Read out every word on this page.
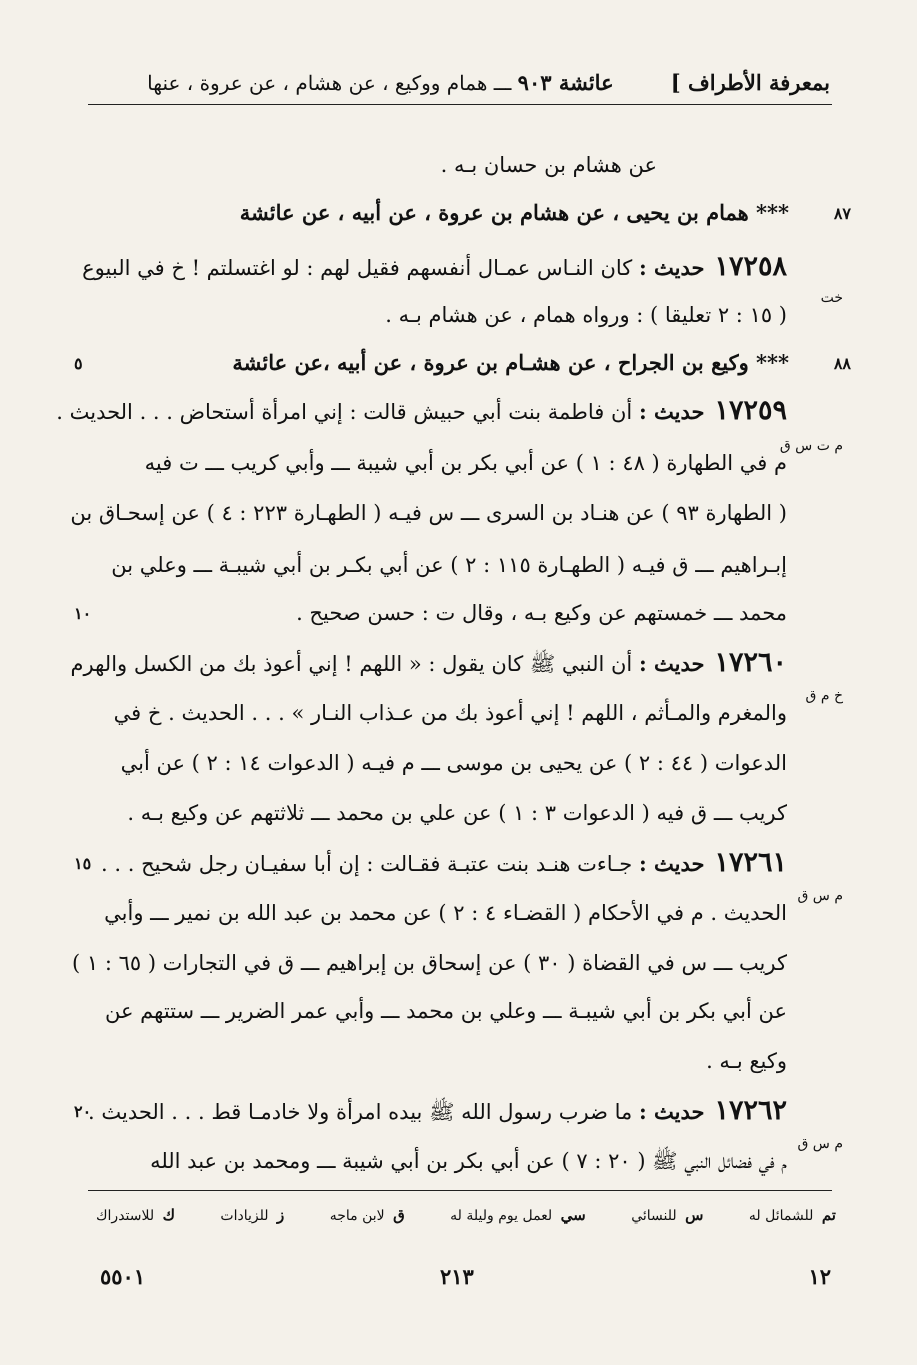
بمعرفة الأطراف ]
عائشة ٩٠٣ ـــ همام ووكيع ، عن هشام ، عن عروة ، عنها
عن هشام بن حسان بـه .
*** همام بن يحيى ، عن هشام بن عروة ، عن أبيه ، عن عائشة	٨٧
١٧٢٥٨حديث : كان النـاس عمـال أنفسهم فقيل لهم : لو اغتسلتم ! خ في البيوع
( ١٥ : ٢ تعليقا ) : ورواه همام ، عن هشام بـه .
خت
*** وكيع بن الجراح ، عن هشـام بن عروة ، عن أبيه ،عن عائشة	٨٨
٥
١٧٢٥٩حديث : أن فاطمة بنت أبي حبيش قالت : إني امرأة أستحاض . . . الحديث .
م في الطهارة ( ٤٨ : ١ ) عن أبي بكر بن أبي شيبة ـــ وأبي كريب ـــ ت فيه
م ت س ق
( الطهارة ٩٣ ) عن هنـاد بن السرى ـــ س فيـه ( الطهـارة ٢٢٣ : ٤ ) عن إسحـاق بن
إبـراهيم ـــ ق فيـه ( الطهـارة ١١٥ : ٢ ) عن أبي بكـر بن أبي شيبـة ـــ وعلي بن
محمد ـــ خمستهم عن وكيع بـه ، وقال ت : حسن صحيح .
١٠
١٧٢٦٠حديث : أن النبي ﷺ كان يقول : « اللهم ! إني أعوذ بك من الكسل والهرم
والمغرم والمـأثم ، اللهم ! إني أعوذ بك من عـذاب النـار » . . . الحديث . خ في
خ م ق
الدعوات ( ٤٤ : ٢ ) عن يحيى بن موسى ـــ م فيـه ( الدعوات ١٤ : ٢ ) عن أبي
كريب ـــ ق فيه ( الدعوات ٣ : ١ ) عن علي بن محمد ـــ ثلاثتهم عن وكيع بـه .
١٧٢٦١حديث : جـاءت هنـد بنت عتبـة فقـالت : إن أبا سفيـان رجل شحيح . . .
١٥
الحديث . م في الأحكام ( القضـاء ٤ : ٢ ) عن محمد بن عبد الله بن نمير ـــ وأبي
م س ق
كريب ـــ س في القضاة ( ٣٠ ) عن إسحاق بن إبراهيم ـــ ق في التجارات ( ٦٥ : ١ )
عن أبي بكر بن أبي شيبـة ـــ وعلي بن محمد ـــ وأبي عمر الضرير ـــ ستتهم عن
وكيع بـه .
١٧٢٦٢حديث : ما ضرب رسول الله ﷺ بيده امرأة ولا خادمـا قط . . . الحديث .
٢٠
م في فضائل النبي ﷺ ( ٢٠ : ٧ ) عن أبي بكر بن أبي شيبة ـــ ومحمد بن عبد الله
م س ق
تم للشمائل له
س للنسائي
سي لعمل يوم وليلة له
ق لابن ماجه
ز للزيادات
ك للاستدراك
١٢
٢١٣
٥٥٠١
